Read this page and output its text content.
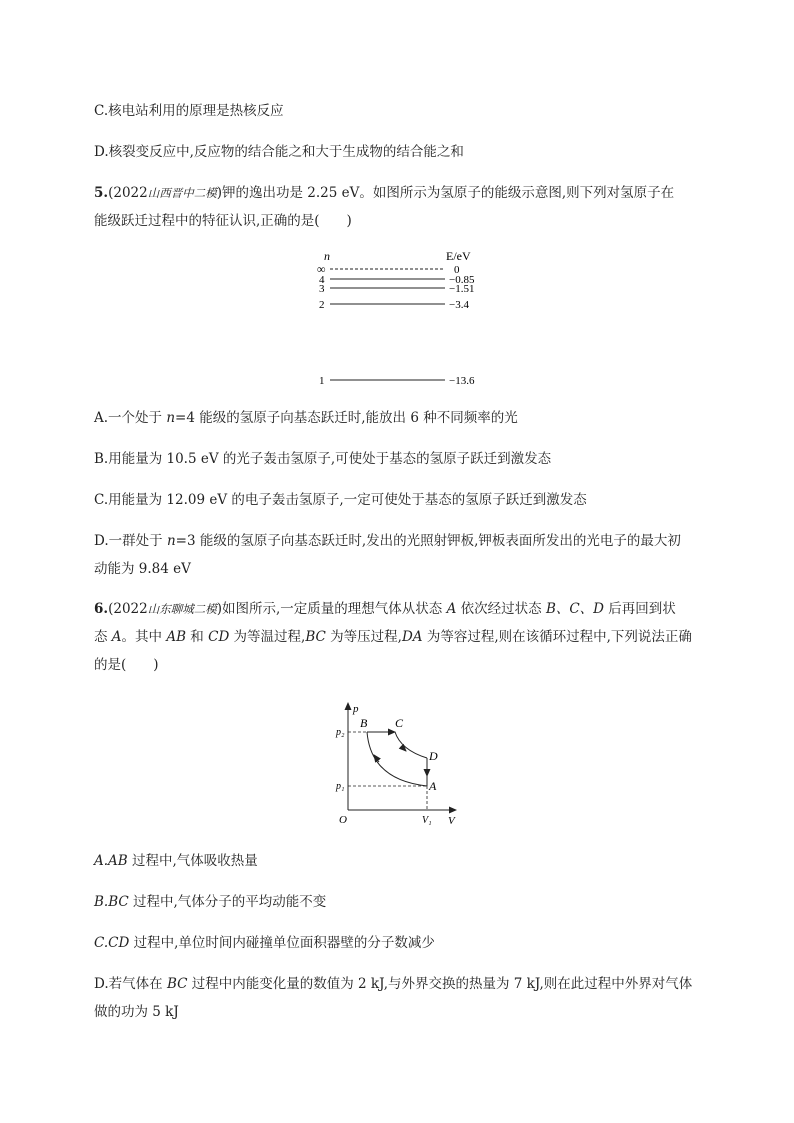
C.核电站利用的原理是热核反应
D.核裂变反应中,反应物的结合能之和大于生成物的结合能之和
5.(2022山西晋中二模)钾的逸出功是 2.25 eV。如图所示为氢原子的能级示意图,则下列对氢原子在
能级跃迁过程中的特征认识,正确的是(　　)
n	E/eV
∞	0
4	−0.85
3	−1.51
2	−3.4
1	−13.6
A.一个处于 n=4 能级的氢原子向基态跃迁时,能放出 6 种不同频率的光
B.用能量为 10.5 eV 的光子轰击氢原子,可使处于基态的氢原子跃迁到激发态
C.用能量为 12.09 eV 的电子轰击氢原子,一定可使处于基态的氢原子跃迁到激发态
D.一群处于 n=3 能级的氢原子向基态跃迁时,发出的光照射钾板,钾板表面所发出的光电子的最大初
动能为 9.84 eV
6.(2022山东聊城二模)如图所示,一定质量的理想气体从状态 A 依次经过状态 B、C、D 后再回到状
态 A。其中 AB 和 CD 为等温过程,BC 为等压过程,DA 为等容过程,则在该循环过程中,下列说法正确
的是(　　)
p
V
O
p₂
p₁
V₁
B C
D
A
A.AB 过程中,气体吸收热量
B.BC 过程中,气体分子的平均动能不变
C.CD 过程中,单位时间内碰撞单位面积器壁的分子数减少
D.若气体在 BC 过程中内能变化量的数值为 2 kJ,与外界交换的热量为 7 kJ,则在此过程中外界对气体
做的功为 5 kJ
